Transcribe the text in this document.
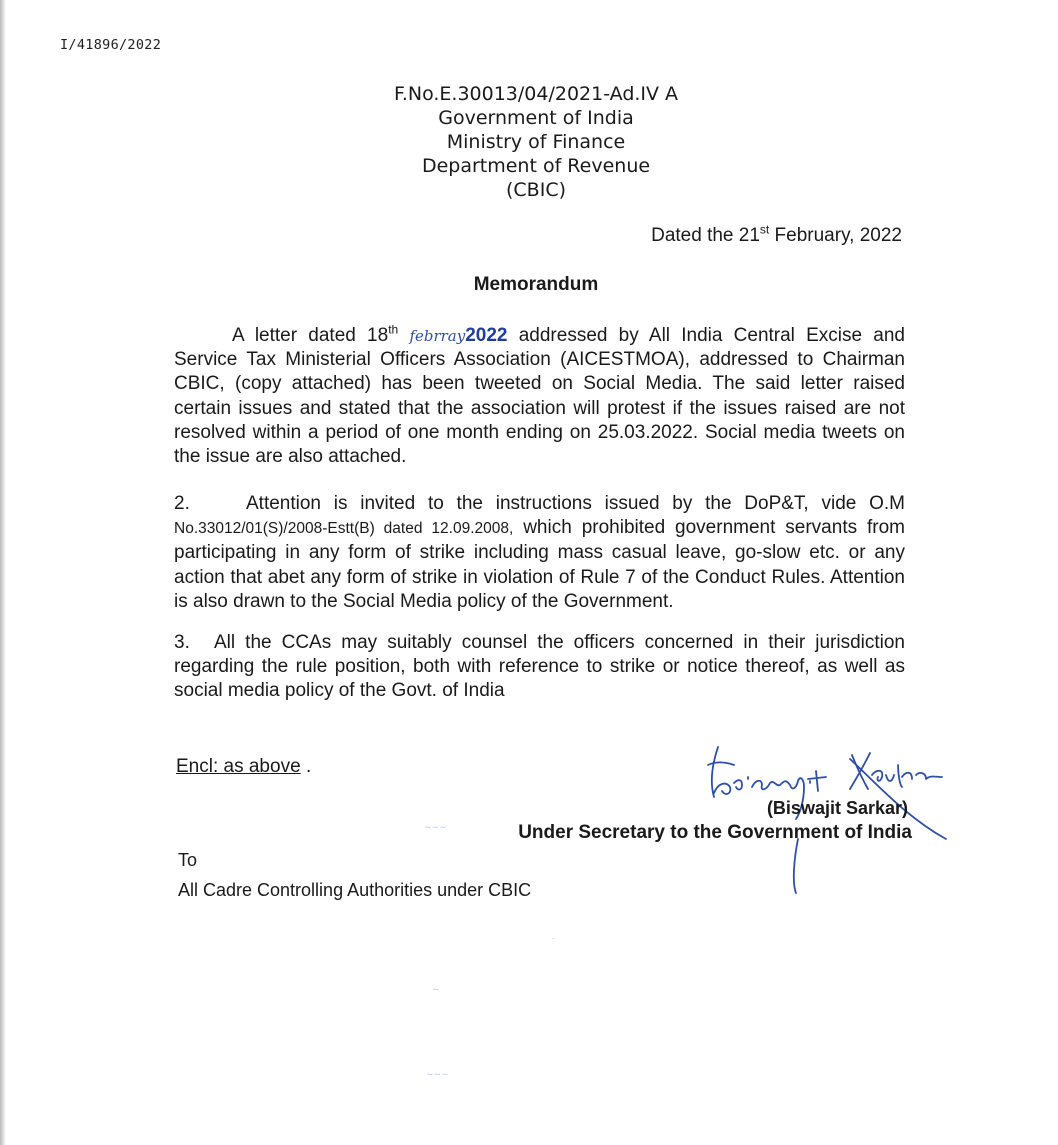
I/41896/2022
F.No.E.30013/04/2021-Ad.IV A
Government of India
Ministry of Finance
Department of Revenue
(CBIC)
Dated the 21st February, 2022
Memorandum

A letter dated 18th febrray2022 addressed by All India Central Excise and Service Tax Ministerial Officers Association (AICESTMOA), addressed to Chairman CBIC, (copy attached) has been tweeted on Social Media. The said letter raised certain issues and stated that the association will protest if the issues raised are not resolved within a period of one month ending on 25.03.2022. Social media tweets on the issue are also attached.

2.	Attention is invited to the instructions issued by the DoP&T, vide O.M No.33012/01(S)/2008-Estt(B) dated 12.09.2008, which prohibited government servants from participating in any form of strike including mass casual leave, go-slow etc. or any action that abet any form of strike in violation of Rule 7 of the Conduct Rules. Attention is also drawn to the Social Media policy of the Government.

3. All the CCAs may suitably counsel the officers concerned in their jurisdiction regarding the rule position, both with reference to strike or notice thereof, as well as social media policy of the Govt. of India

Encl: as above .
(Biswajit Sarkar)
Under Secretary to the Government of India
To
All Cadre Controlling Authorities under CBIC
~~~
~
~~~
-
